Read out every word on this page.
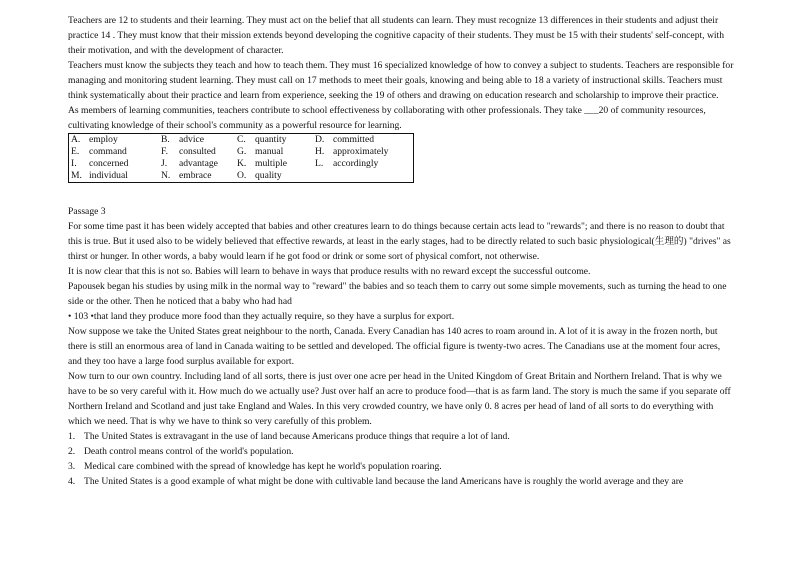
Teachers are 12 to students and their learning. They must act on the belief that all students can learn. They must recognize 13 differences in their students and adjust their practice 14 . They must know that their mission extends beyond developing the cognitive capacity of their students. They must be 15 with their students' self-concept, with their motivation, and with the development of character.

Teachers must know the subjects they teach and how to teach them. They must 16 specialized knowledge of how to convey a subject to students. Teachers are responsible for managing and monitoring student learning. They must call on 17 methods to meet their goals, knowing and being able to 18 a variety of instructional skills. Teachers must think systematically about their practice and learn from experience, seeking the 19 of others and drawing on education research and scholarship to improve their practice.

As members of learning communities, teachers contribute to school effectiveness by collaborating with other professionals. They take ___20 of community resources, cultivating knowledge of their school's community as a powerful resource for learning.

A.	employ	B.	advice	C.	quantity	D.	committed
E.	command	F.	consulted	G.	manual	H.	approximately
I.	concerned	J.	advantage	K.	multiple	L.	accordingly
M.	individual	N.	embrace	O.	quality		

Passage 3

For some time past it has been widely accepted that babies and other creatures learn to do things because certain acts lead to "rewards"; and there is no reason to doubt that this is true. But it used also to be widely believed that effective rewards, at least in the early stages, had to be directly related to such basic physiological(生理的) "drives" as thirst or hunger. In other words, a baby would learn if he got food or drink or some sort of physical comfort, not otherwise.

It is now clear that this is not so. Babies will learn to behave in ways that produce results with no reward except the successful outcome.

Papousek began his studies by using milk in the normal way to "reward" the babies and so teach them to carry out some simple movements, such as turning the head to one side or the other. Then he noticed that a baby who had had

• 103 •that land they produce more food than they actually require, so they have a surplus for export.

Now suppose we take the United States great neighbour to the north, Canada. Every Canadian has 140 acres to roam around in. A lot of it is away in the frozen north, but there is still an enormous area of land in Canada waiting to be settled and developed. The official figure is twenty-two acres. The Canadians use at the moment four acres, and they too have a large food surplus available for export.

Now turn to our own country. Including land of all sorts, there is just over one acre per head in the United Kingdom of Great Britain and Northern Ireland. That is why we have to be so very careful with it. How much do we actually use? Just over half an acre to produce food—that is as farm land. The story is much the same if you separate off Northern Ireland and Scotland and just take England and Wales. In this very crowded country, we have only 0. 8 acres per head of land of all sorts to do everything with which we need. That is why we have to think so very carefully of this problem.

1. The United States is extravagant in the use of land because Americans produce things that require a lot of land.

2. Death control means control of the world's population.

3. Medical care combined with the spread of knowledge has kept he world's population roaring.

4. The United States is a good example of what might be done with cultivable land because the land Americans have is roughly the world average and they are
